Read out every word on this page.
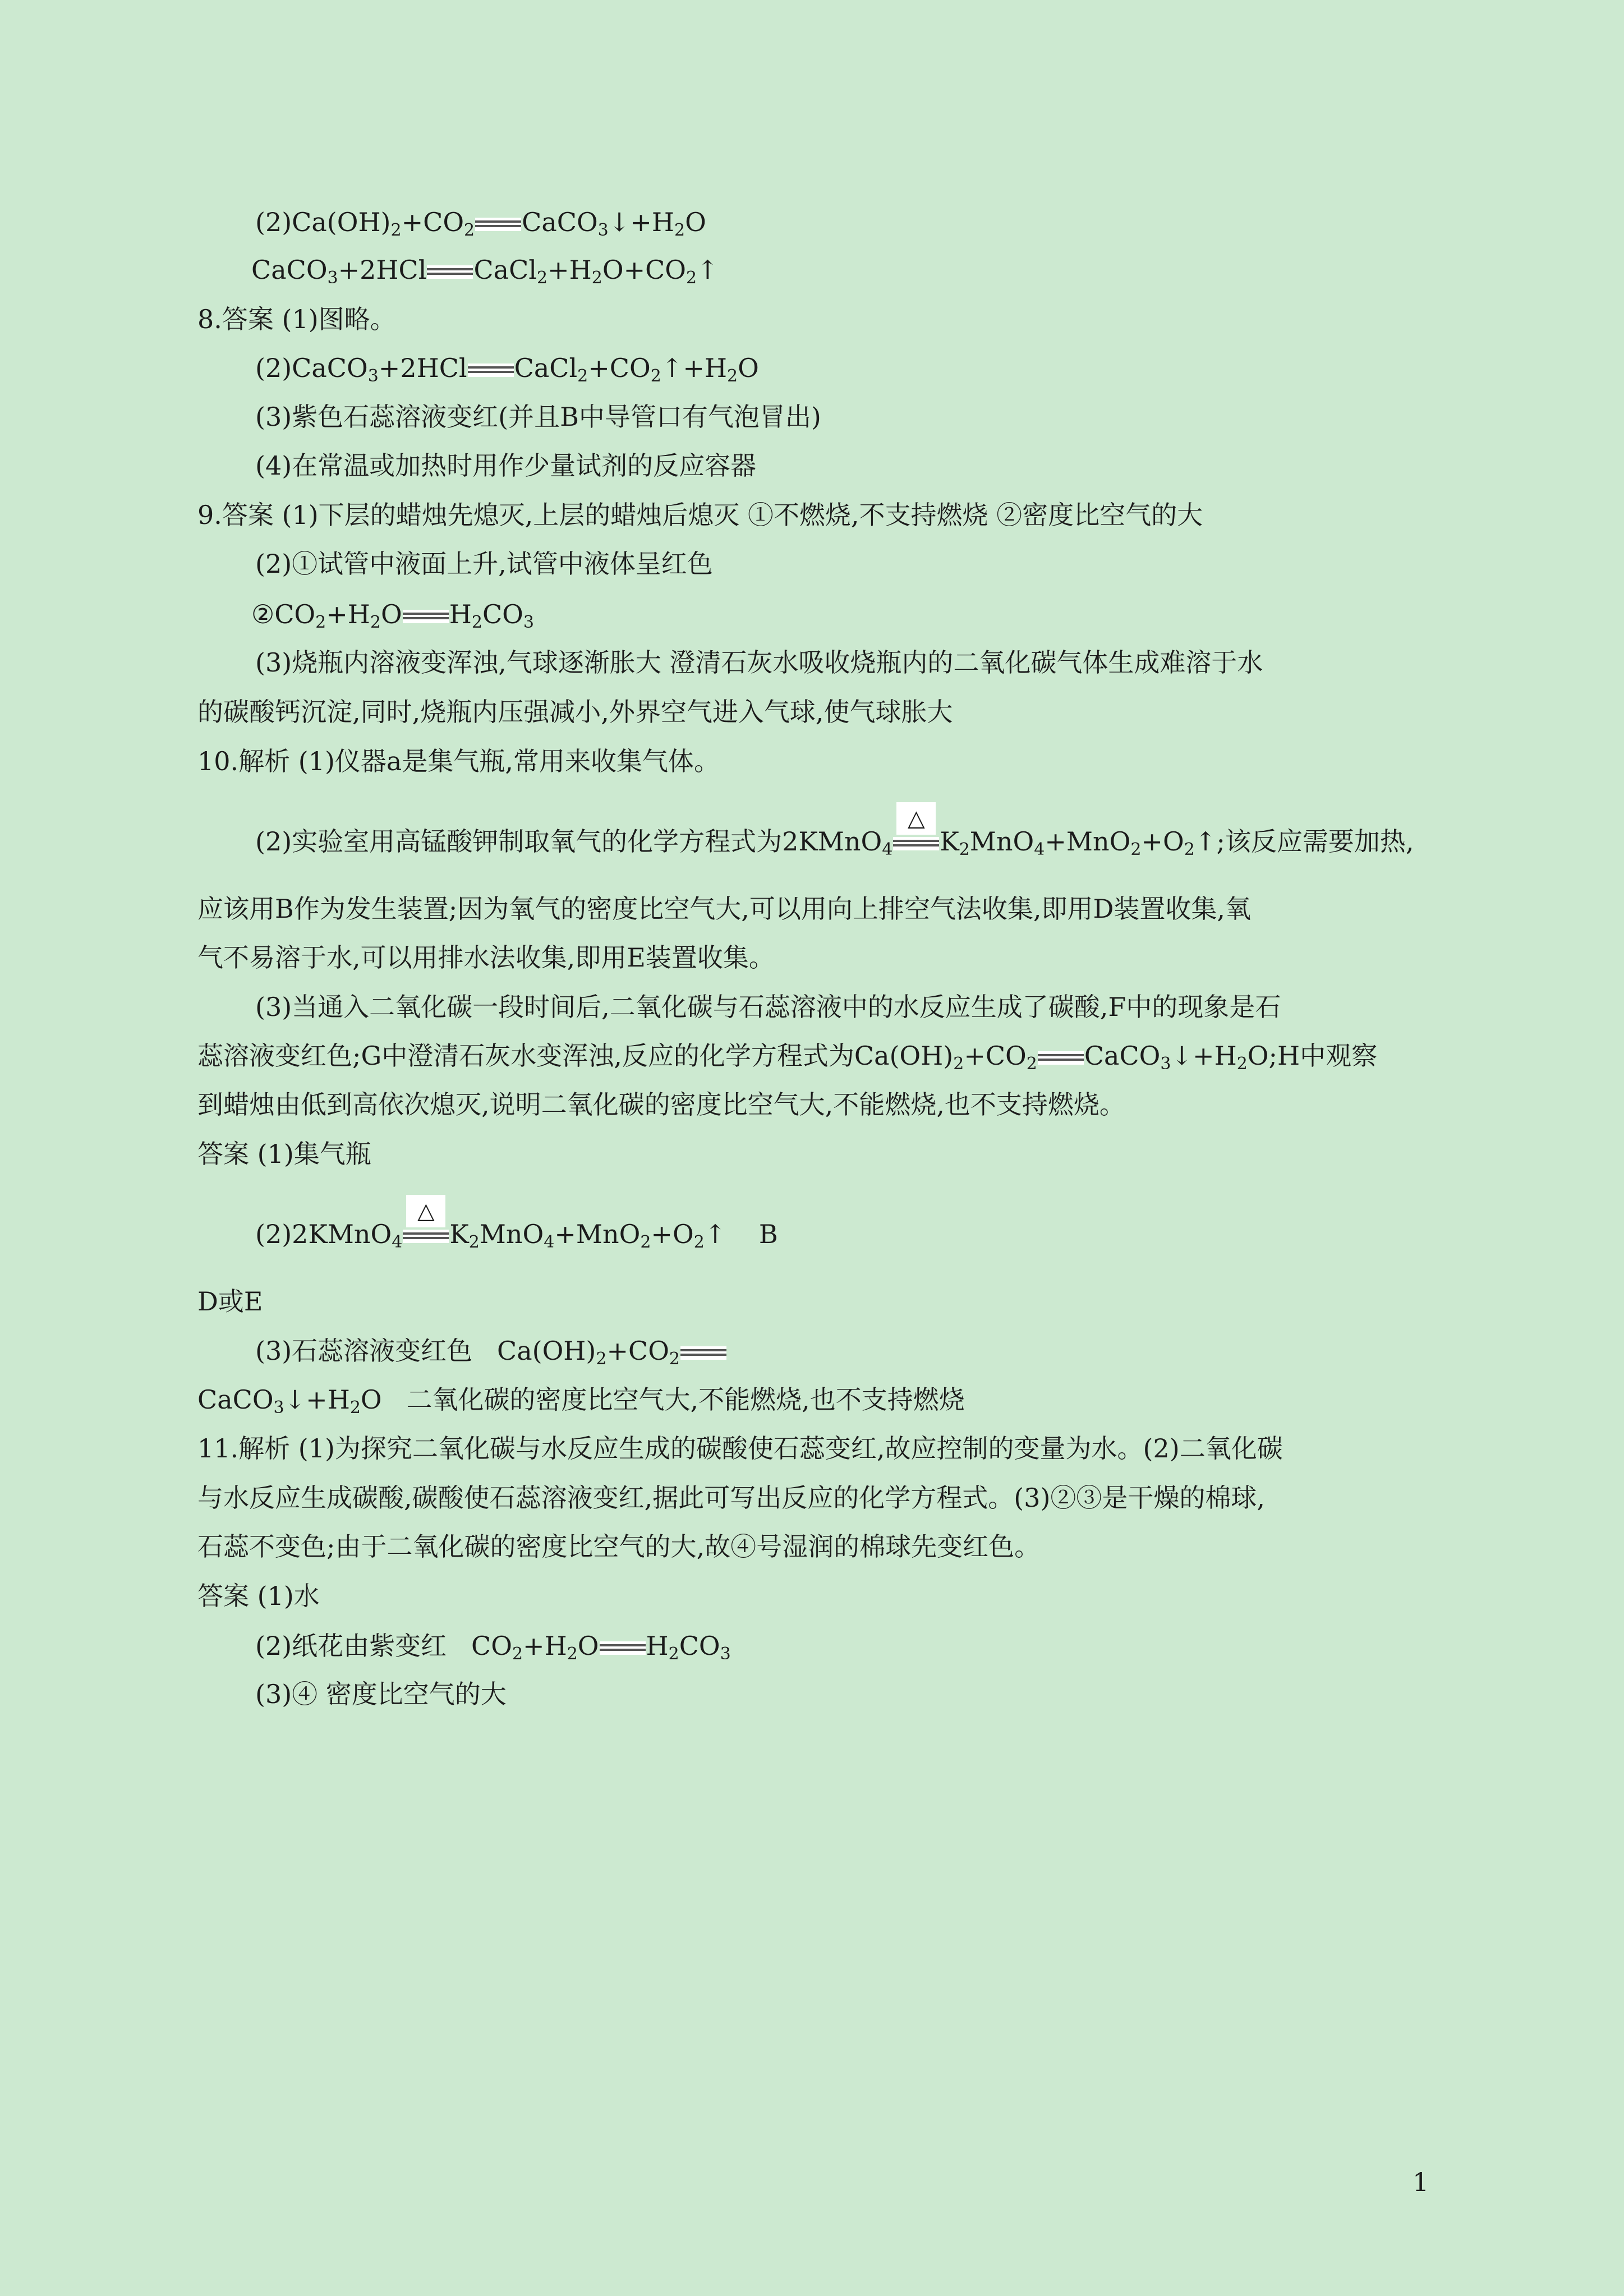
$(2)Ca(OH)_2+CO_2$ $CaCO_3↓+H_2O$
CaCO$_3$+2HCl $CaCl_2+H_2O+CO_2↑$
8.答案 (1)图略。
(2)CaCO$_3$+2HCl $CaCl_2+CO_2↑+H_2O$
(3)紫色石蕊溶液变红(并且B中导管口有气泡冒出)
(4)在常温或加热时用作少量试剂的反应容器
9.答案 (1)下层的蜡烛先熄灭,上层的蜡烛后熄灭 ①不燃烧,不支持燃烧 ②密度比空气的大
(2)①试管中液面上升,试管中液体呈红色
$②CO_2+H_2O$ $H_2CO_3$
(3)烧瓶内溶液变浑浊,气球逐渐胀大 澄清石灰水吸收烧瓶内的二氧化碳气体生成难溶于水
的碳酸钙沉淀,同时,烧瓶内压强减小,外界空气进入气球,使气球胀大
10.解析 (1)仪器a是集气瓶,常用来收集气体。
(2)实验室用高锰酸钾制取氧气的化学方程式为2KMnO$_4$
△
$K_2MnO_4+MnO_2+O_2↑$;该反应需要加热,
应该用B作为发生装置;因为氧气的密度比空气大,可以用向上排空气法收集,即用D装置收集,氧
气不易溶于水,可以用排水法收集,即用E装置收集。
(3)当通入二氧化碳一段时间后,二氧化碳与石蕊溶液中的水反应生成了碳酸,F中的现象是石
蕊溶液变红色;G中澄清石灰水变浑浊,反应的化学方程式为$Ca(OH)_2+CO_2$ $CaCO_3↓+H_2O;H$中观察
到蜡烛由低到高依次熄灭,说明二氧化碳的密度比空气大,不能燃烧,也不支持燃烧。
答案 (1)集气瓶
(2)2KMnO$_4$
△
$K_2MnO_4+MnO_2+O_2↑$    B
D或E
(3)石蕊溶液变红色   $Ca(OH)_2+CO_2$
$CaCO_3↓+H_2O$   二氧化碳的密度比空气大,不能燃烧,也不支持燃烧
11.解析 (1)为探究二氧化碳与水反应生成的碳酸使石蕊变红,故应控制的变量为水。(2)二氧化碳
与水反应生成碳酸,碳酸使石蕊溶液变红,据此可写出反应的化学方程式。(3)②③是干燥的棉球,
石蕊不变色;由于二氧化碳的密度比空气的大,故④号湿润的棉球先变红色。
答案 (1)水
(2)纸花由紫变红   $CO_2+H_2O$ $H_2CO_3$
(3)④ 密度比空气的大
1
